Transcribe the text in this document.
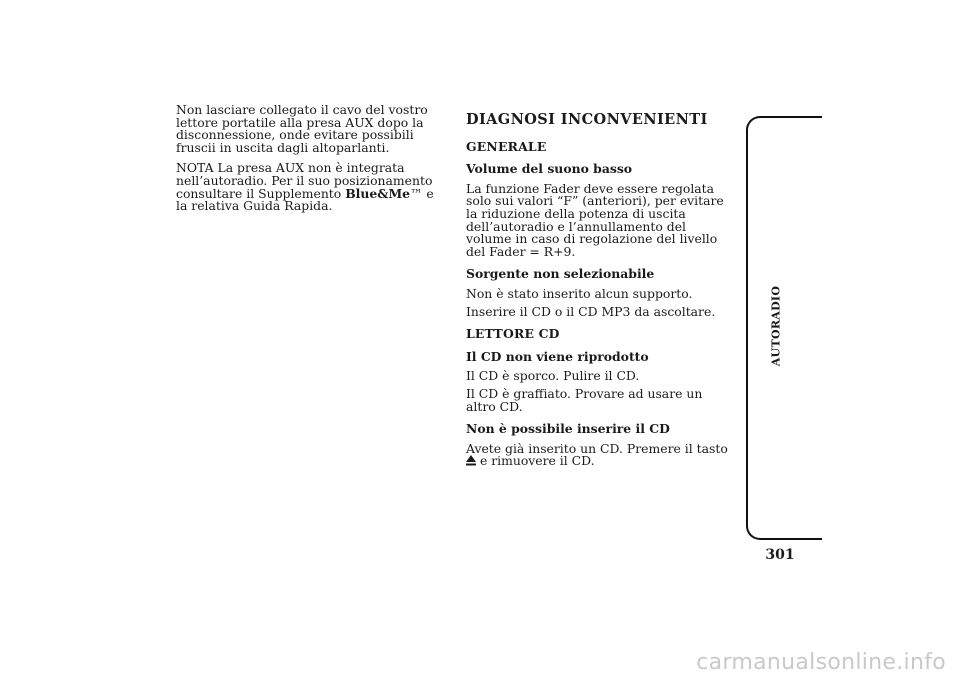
Non lasciare collegato il cavo del vostro lettore portatile alla presa AUX dopo la disconnessione, onde evitare possibili fruscii in uscita dagli altoparlanti.

NOTA La presa AUX non è integrata nell’autoradio. Per il suo posizionamento consultare il Supplemento Blue&Me™ e la relativa Guida Rapida.

DIAGNOSI INCONVENIENTI

GENERALE

Volume del suono basso

La funzione Fader deve essere regolata solo sui valori “F” (anteriori), per evitare la riduzione della potenza di uscita dell’autoradio e l’annullamento del volume in caso di regolazione del livello del Fader = R+9.

Sorgente non selezionabile

Non è stato inserito alcun supporto.

Inserire il CD o il CD MP3 da ascoltare.

LETTORE CD

Il CD non viene riprodotto

Il CD è sporco. Pulire il CD.

Il CD è graffiato. Provare ad usare un altro CD.

Non è possibile inserire il CD

Avete già inserito un CD. Premere il tasto  e rimuovere il CD.

AUTORADIO
301
carmanualsonline.info
